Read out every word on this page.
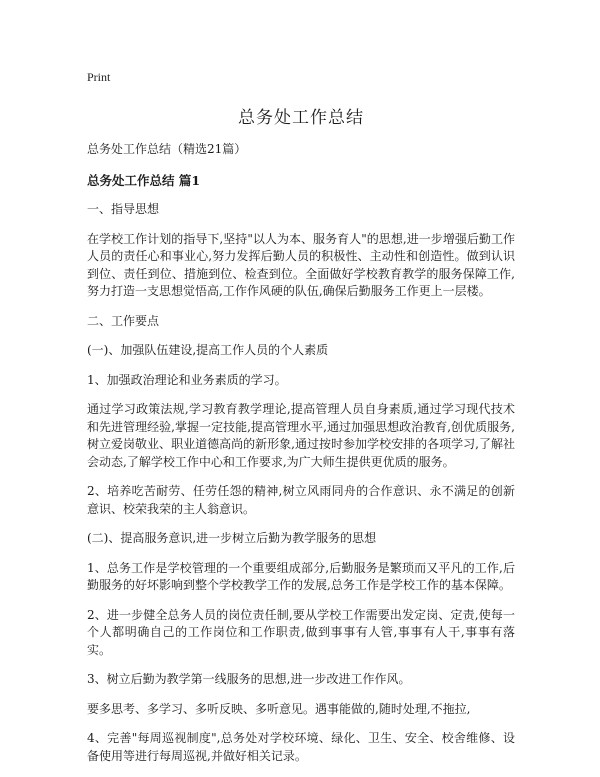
Print
总务处工作总结

总务处工作总结（精选21篇）

总务处工作总结 篇1

一、指导思想

在学校工作计划的指导下,坚持"以人为本、服务育人"的思想,进一步增强后勤工作人员的责任心和事业心,努力发挥后勤人员的积极性、主动性和创造性。做到认识到位、责任到位、措施到位、检查到位。全面做好学校教育教学的服务保障工作,努力打造一支思想觉悟高,工作作风硬的队伍,确保后勤服务工作更上一层楼。

二、工作要点

(一)、加强队伍建设,提高工作人员的个人素质

1、加强政治理论和业务素质的学习。

通过学习政策法规,学习教育教学理论,提高管理人员自身素质,通过学习现代技术和先进管理经验,掌握一定技能,提高管理水平,通过加强思想政治教育,创优质服务,树立爱岗敬业、职业道德高尚的新形象,通过按时参加学校安排的各项学习,了解社会动态,了解学校工作中心和工作要求,为广大师生提供更优质的服务。

2、培养吃苦耐劳、任劳任怨的精神,树立风雨同舟的合作意识、永不满足的创新意识、校荣我荣的主人翁意识。

(二)、提高服务意识,进一步树立后勤为教学服务的思想

1、总务工作是学校管理的一个重要组成部分,后勤服务是繁琐而又平凡的工作,后勤服务的好坏影响到整个学校教学工作的发展,总务工作是学校工作的基本保障。

2、进一步健全总务人员的岗位责任制,要从学校工作需要出发定岗、定责,使每一个人都明确自己的工作岗位和工作职责,做到事事有人管,事事有人干,事事有落实。

3、树立后勤为教学第一线服务的思想,进一步改进工作作风。

要多思考、多学习、多听反映、多听意见。遇事能做的,随时处理,不拖拉,

4、完善"每周巡视制度",总务处对学校环境、绿化、卫生、安全、校舍维修、设备使用等进行每周巡视,并做好相关记录。
